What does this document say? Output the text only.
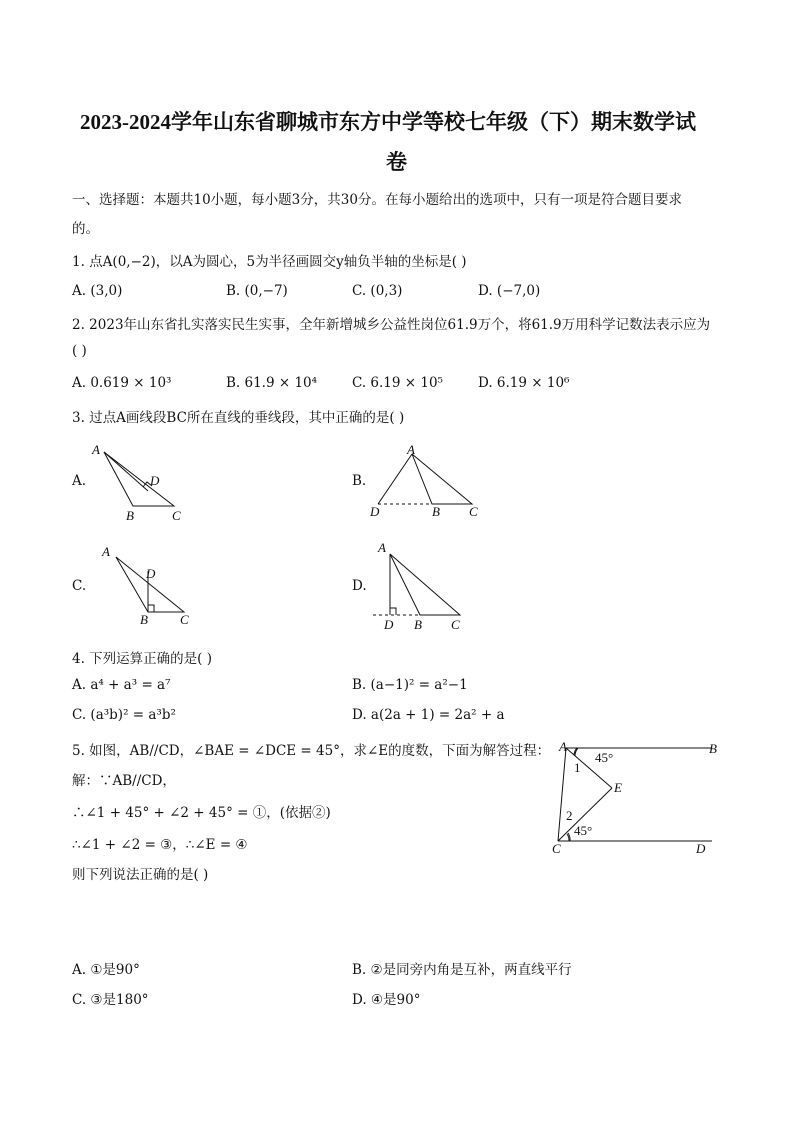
2023-2024学年山东省聊城市东方中学等校七年级（下）期末数学试
卷
一、选择题：本题共10小题，每小题3分，共30分。在每小题给出的选项中，只有一项是符合题目要求
的。
1. 点A(0,−2)，以A为圆心，5为半径画圆交y轴负半轴的坐标是( )
A. (3,0)	B. (0,−7)	C. (0,3)	D. (−7,0)
2. 2023年山东省扎实落实民生实事，全年新增城乡公益性岗位61.9万个，将61.9万用科学记数法表示应为
( )
A. 0.619 × 10³	B. 61.9 × 10⁴	C. 6.19 × 10⁵	D. 6.19 × 10⁶
3. 过点A画线段BC所在直线的垂线段，其中正确的是( )
A.
A
D
B	C
B.
A
D	B C
C.
A
D
B C
D.
A
D B C
4. 下列运算正确的是( )
A. a⁴ + a³ = a⁷	B. (a−1)² = a²−1
C. (a³b)² = a³b²	D. a(2a + 1) = 2a² + a
5. 如图，AB//CD，∠BAE = ∠DCE = 45°，求∠E的度数，下面为解答过程：
解：∵AB//CD，
∴∠1 + 45° + ∠2 + 45° = ①，(依据②)
∴∠1 + ∠2 = ③，∴∠E = ④
则下列说法正确的是( )
A	B
E
C	D
1
2
45°
45°
A. ①是90°	B. ②是同旁内角是互补，两直线平行
C. ③是180°	D. ④是90°
